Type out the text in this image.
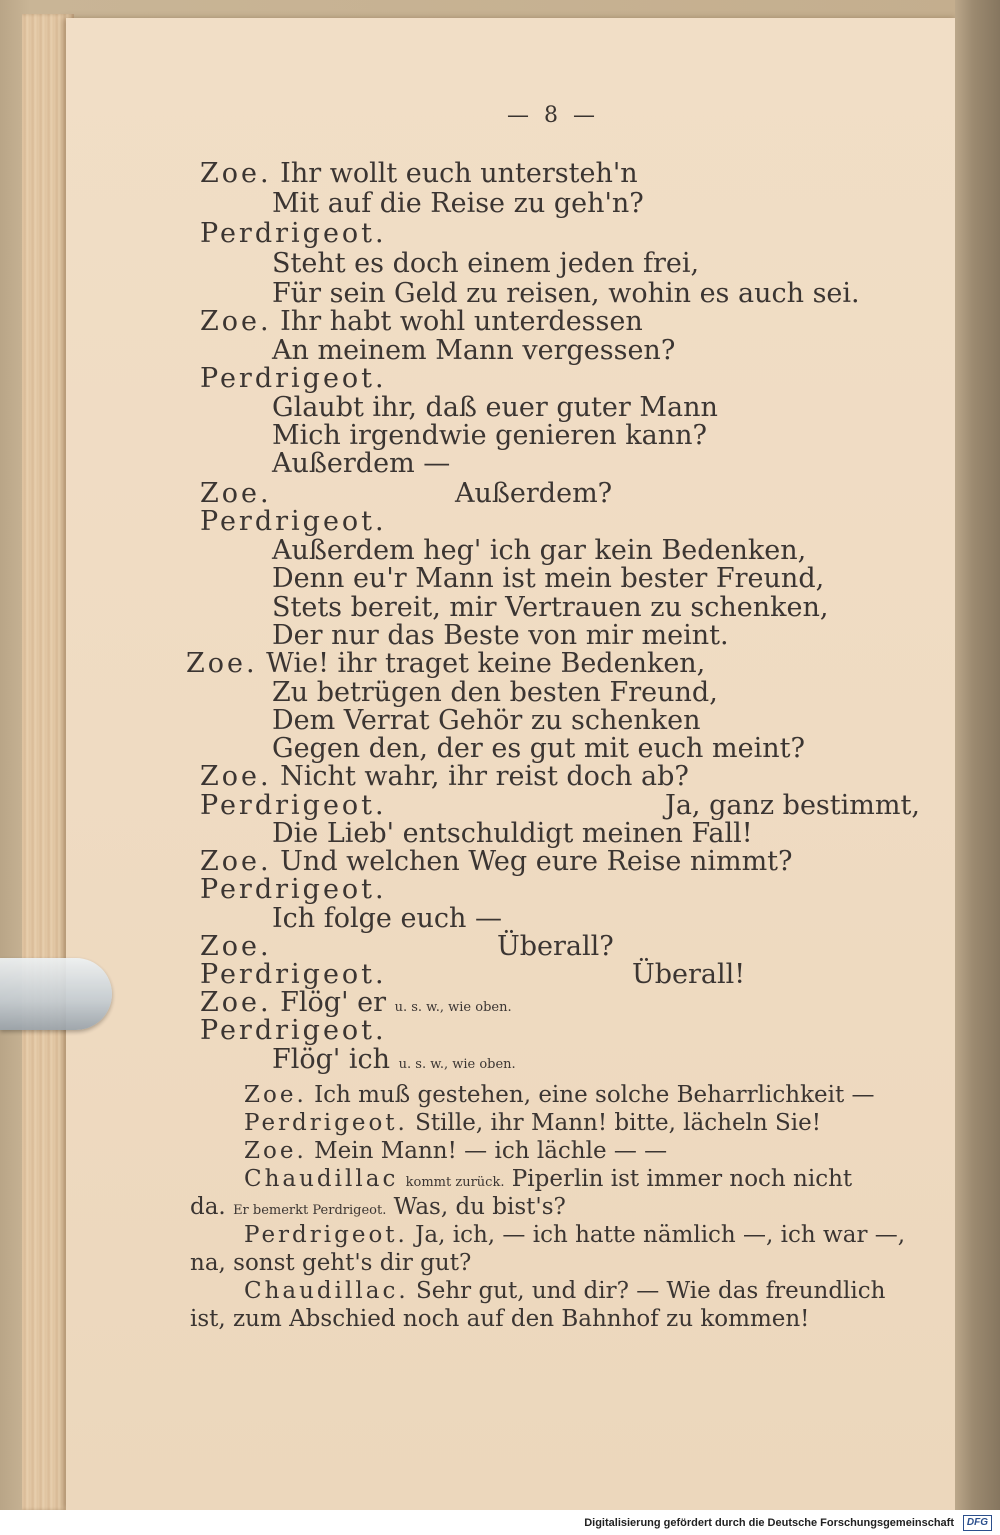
— 8 —
Zoe. Ihr wollt euch untersteh'n
Mit auf die Reise zu geh'n?
Perdrigeot.
Steht es doch einem jeden frei,
Für sein Geld zu reisen, wohin es auch sei.
Zoe. Ihr habt wohl unterdessen
An meinem Mann vergessen?
Perdrigeot.
Glaubt ihr, daß euer guter Mann
Mich irgendwie genieren kann?
Außerdem —
Zoe.	Außerdem?
Perdrigeot.
Außerdem heg' ich gar kein Bedenken,
Denn eu'r Mann ist mein bester Freund,
Stets bereit, mir Vertrauen zu schenken,
Der nur das Beste von mir meint.
Zoe. Wie! ihr traget keine Bedenken,
Zu betrügen den besten Freund,
Dem Verrat Gehör zu schenken
Gegen den, der es gut mit euch meint?
Zoe. Nicht wahr, ihr reist doch ab?
Perdrigeot.	Ja, ganz bestimmt,
Die Lieb' entschuldigt meinen Fall!
Zoe. Und welchen Weg eure Reise nimmt?
Perdrigeot.
Ich folge euch —
Zoe.	Überall?
Perdrigeot.	Überall!
Zoe. Flög' er u. s. w., wie oben.
Perdrigeot.
Flög' ich u. s. w., wie oben.
Zoe. Ich muß gestehen, eine solche Beharrlichkeit —
Perdrigeot. Stille, ihr Mann! bitte, lächeln Sie!
Zoe. Mein Mann! — ich lächle — —
Chaudillac kommt zurück. Piperlin ist immer noch nicht
da. Er bemerkt Perdrigeot. Was, du bist's?
Perdrigeot. Ja, ich, — ich hatte nämlich —, ich war —,
na, sonst geht's dir gut?
Chaudillac. Sehr gut, und dir? — Wie das freundlich
ist, zum Abschied noch auf den Bahnhof zu kommen!
Digitalisierung gefördert durch die Deutsche Forschungsgemeinschaft	DFG
